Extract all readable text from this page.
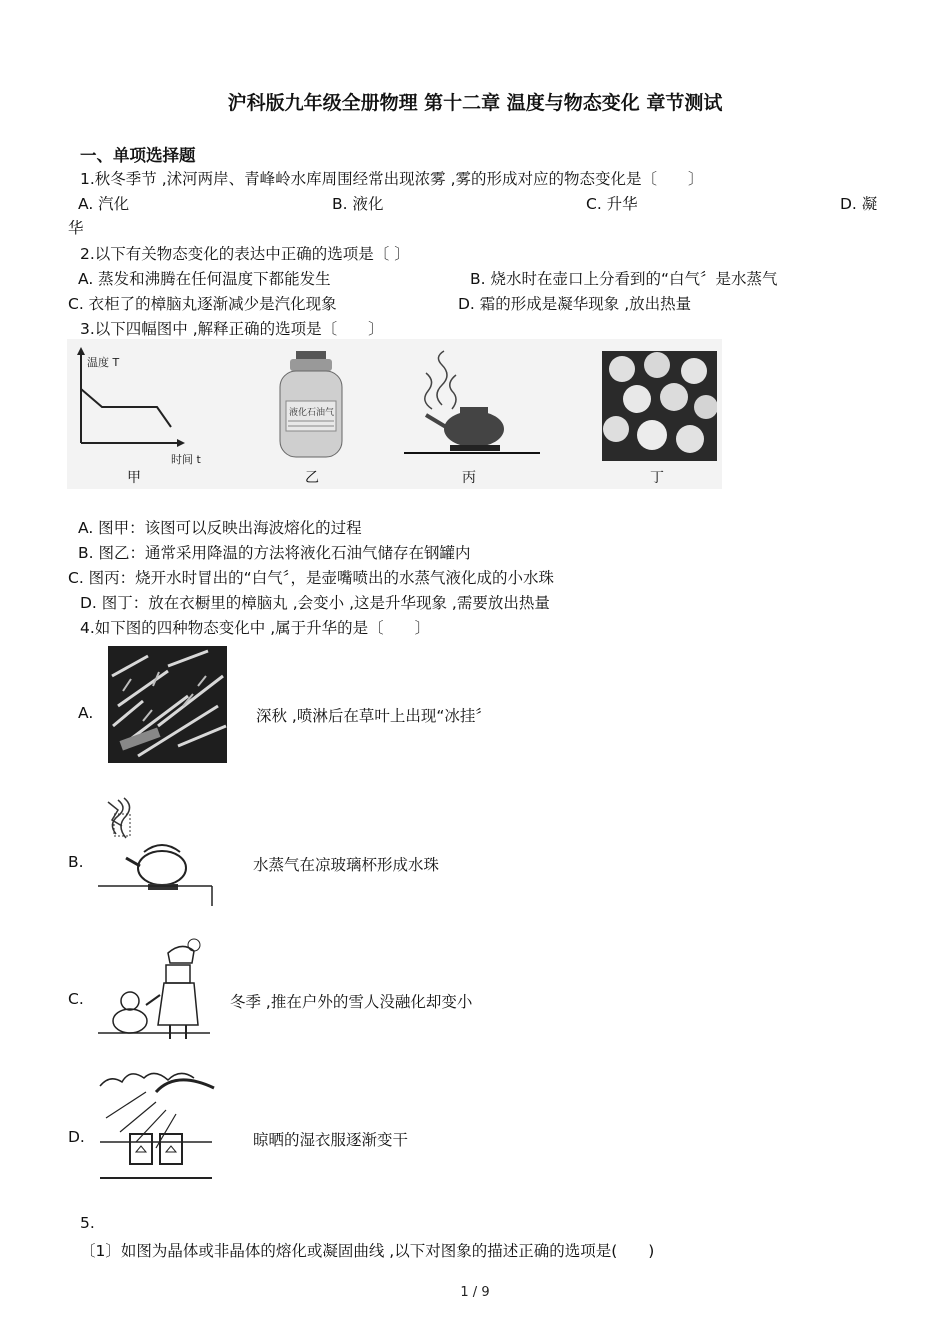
沪科版九年级全册物理 第十二章 温度与物态变化 章节测试
一、单项选择题
1.秋冬季节 ,沭河两岸、青峰岭水库周围经常出现浓雾 ,雾的形成对应的物态变化是〔　　〕
A. 汽化	B. 液化	C. 升华	D. 凝
华
2.以下有关物态变化的表达中正确的选项是〔 〕
A. 蒸发和沸腾在任何温度下都能发生	B. 烧水时在壶口上分看到的“白气〞是水蒸气
C. 衣柜了的樟脑丸逐渐减少是汽化现象	D. 霜的形成是凝华现象 ,放出热量
3.以下四幅图中 ,解释正确的选项是〔　　〕
温度 T
时间 t
液化石油气
甲	乙	丙	丁
A. 图甲：该图可以反映出海波熔化的过程
B. 图乙：通常采用降温的方法将液化石油气储存在钢罐内
C. 图丙：烧开水时冒出的“白气〞，是壶嘴喷出的水蒸气液化成的小水珠
D. 图丁：放在衣橱里的樟脑丸 ,会变小 ,这是升华现象 ,需要放出热量
4.如下图的四种物态变化中 ,属于升华的是〔　　〕
A.	深秋 ,喷淋后在草叶上出现“冰挂〞
B.	水蒸气在凉玻璃杯形成水珠
C.	冬季 ,推在户外的雪人没融化却变小
D.	晾晒的湿衣服逐渐变干
5.
〔1〕如图为晶体或非晶体的熔化或凝固曲线 ,以下对图象的描述正确的选项是(　　)
1 / 9
